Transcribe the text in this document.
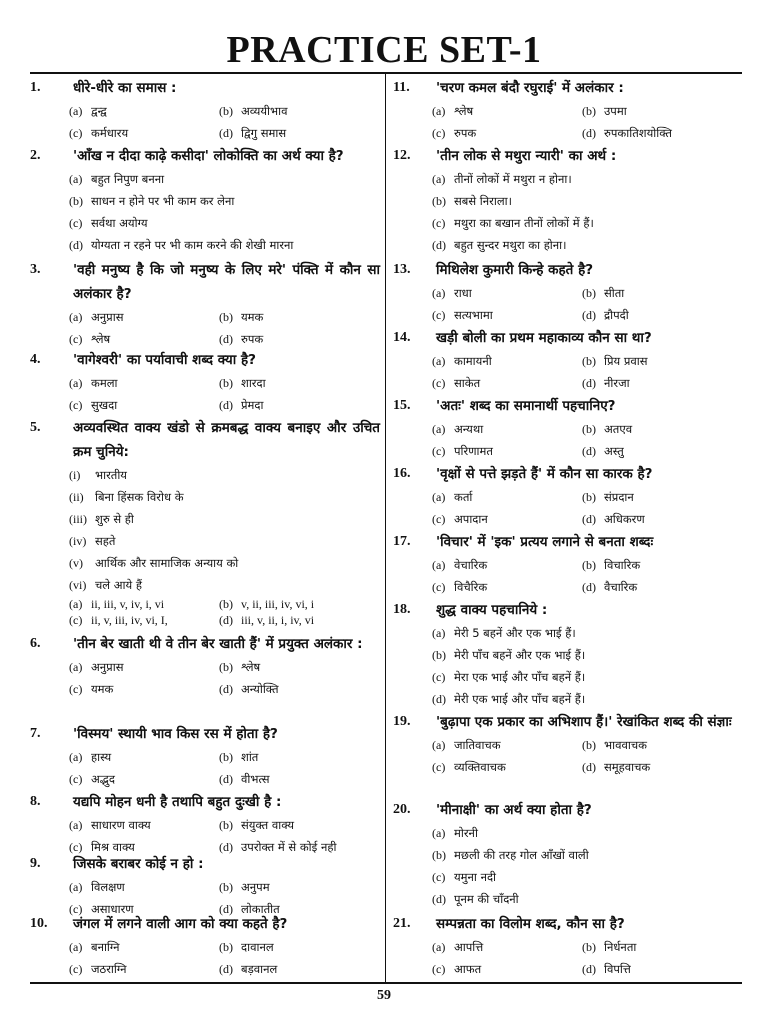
PRACTICE SET-1
59
1.	धीरे-धीरे का समास :
(a) द्वन्द्व	(b) अव्ययीभाव
(c) कर्मधारय	(d) द्विगु समास
2.	'आँख न दीदा काढ़े कसीदा' लोकोक्ति का अर्थ क्या है?
(a) बहुत निपुण बनना
(b) साधन न होने पर भी काम कर लेना
(c) सर्वथा अयोग्य
(d) योग्यता न रहने पर भी काम करने की शेखी मारना
3.	'वही मनुष्य है कि जो मनुष्य के लिए मरे' पंक्ति में कौन सा अलंकार है?
(a) अनुप्रास	(b) यमक
(c) श्लेष	(d) रुपक
4.	'वागेश्वरी' का पर्यावाची शब्द क्या है?
(a) कमला	(b) शारदा
(c) सुखदा	(d) प्रेमदा
5.	अव्यवस्थित वाक्य खंडो से क्रमबद्ध वाक्य बनाइए और उचित क्रम चुनिये:
(i)	भारतीय
(ii) बिना हिंसक विरोध के
(iii) शुरु से ही
(iv) सहते
(v)	आर्थिक और सामाजिक अन्याय को
(vi) चले आये हैं
(a) ii, iii, v, iv, i, vi	(b) v, ii, iii, iv, vi, i
(c) ii, v, iii, iv, vi, I,	(d) iii, v, ii, i, iv, vi
6.	'तीन बेर खाती थी वे तीन बेर खाती हैं' में प्रयुक्त अलंकार :
(a) अनुप्रास	(b) श्लेष
(c) यमक	(d) अन्योक्ति
7.	'विस्मय' स्थायी भाव किस रस में होता है?
(a) हास्य	(b) शांत
(c) अद्भुद	(d) वीभत्स
8.	यद्यपि मोहन धनी है तथापि बहुत दुःखी है :
(a) साधारण वाक्य	(b) संयुक्त वाक्य
(c) मिश्र वाक्य	(d) उपरोक्त में से कोई नही
9.	जिसके बराबर कोई न हो :
(a) विलक्षण	(b) अनुपम
(c) असाधारण	(d) लोकातीत
10.	जंगल में लगने वाली आग को क्या कहते है?
(a) बनाग्नि	(b) दावानल
(c) जठराग्नि	(d) बड़वानल
11.	'चरण कमल बंदौ रघुराई' में अलंकार :
(a) श्लेष	(b) उपमा
(c) रुपक	(d) रुपकातिशयोक्ति
12.	'तीन लोक से मथुरा न्यारी' का अर्थ :
(a) तीनों लोकों में मथुरा न होना।
(b) सबसे निराला।
(c) मथुरा का बखान तीनों लोकों में हैं।
(d) बहुत सुन्दर मथुरा का होना।
13.	मिथिलेश कुमारी किन्हे कहते है?
(a) राधा	(b) सीता
(c) सत्यभामा	(d) द्रौपदी
14.	खड़ी बोली का प्रथम महाकाव्य कौन सा था?
(a) कामायनी	(b) प्रिय प्रवास
(c) साकेत	(d) नीरजा
15.	'अतः' शब्द का समानार्थी पहचानिए?
(a) अन्यथा	(b) अतएव
(c) परिणामत	(d) अस्तु
16.	'वृक्षों से पत्ते झड़ते हैं' में कौन सा कारक है?
(a) कर्ता	(b) संप्रदान
(c) अपादान	(d) अधिकरण
17.	'विचार' में 'इक' प्रत्यय लगाने से बनता शब्दः
(a) वेचारिक	(b) विचारिक
(c) विचैरिक	(d) वैचारिक
18.	शुद्ध वाक्य पहचानिये :
(a) मेरी 5 बहनें और एक भाई हैं।
(b) मेरी पाँच बहनें और एक भाई हैं।
(c) मेरा एक भाई और पाँच बहनें हैं।
(d) मेरी एक भाई और पाँच बहनें हैं।
19.	'बुढ़ापा एक प्रकार का अभिशाप हैं।' रेखांकित शब्द की संज्ञाः
(a) जातिवाचक	(b) भाववाचक
(c) व्यक्तिवाचक	(d) समूहवाचक
20.	'मीनाक्षी' का अर्थ क्या होता है?
(a) मोरनी
(b) मछली की तरह गोल आँखों वाली
(c) यमुना नदी
(d) पूनम की चाँदनी
21.	सम्पन्नता का विलोम शब्द, कौन सा है?
(a) आपत्ति	(b) निर्धनता
(c) आफत	(d) विपत्ति
